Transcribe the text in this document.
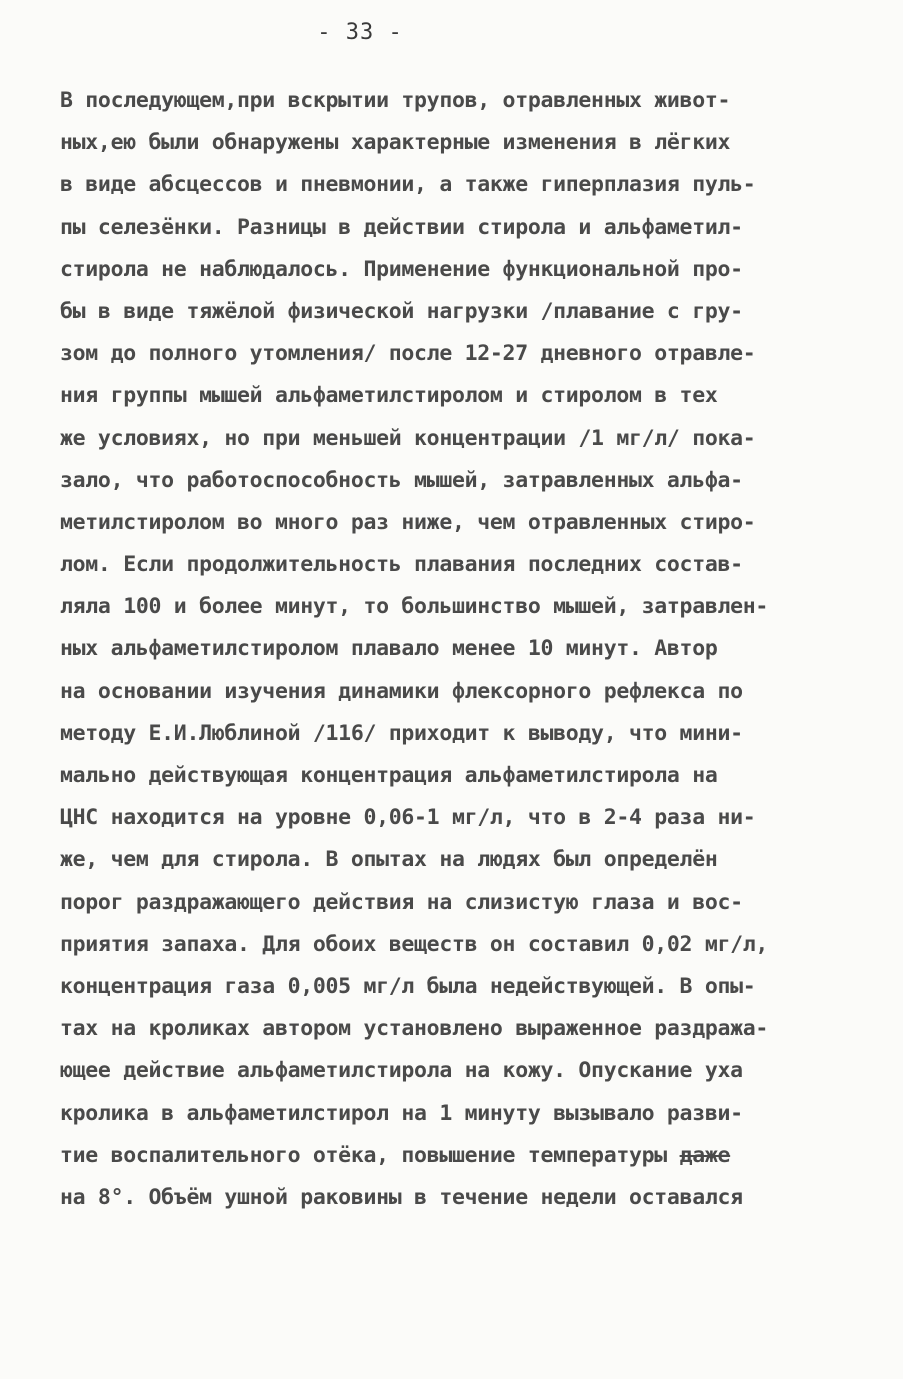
- 33 -
В последующем,при вскрытии трупов, отравленных живот-
ных,ею были обнаружены характерные изменения в лёгких
в виде абсцессов и пневмонии, а также гиперплазия пуль-
пы селезёнки. Разницы в действии стирола и альфаметил-
стирола не наблюдалось. Применение функциональной про-
бы в виде тяжёлой физической нагрузки /плавание с гру-
зом до полного утомления/ после 12-27 дневного отравле-
ния группы мышей альфаметилстиролом и стиролом в тех
же условиях, но при меньшей концентрации /1 мг/л/ пока-
зало, что работоспособность мышей, затравленных альфа-
метилстиролом во много раз ниже, чем отравленных стиро-
лом. Если продолжительность плавания последних состав-
ляла 100 и более минут, то большинство мышей, затравлен-
ных альфаметилстиролом плавало менее 10 минут. Автор
на основании изучения динамики флексорного рефлекса по
методу Е.И.Люблиной /116/ приходит к выводу, что мини-
мально действующая концентрация альфаметилстирола на
ЦНС находится на уровне 0,06-1 мг/л, что в 2-4 раза ни-
же, чем для стирола. В опытах на людях был определён
порог раздражающего действия на слизистую глаза и вос-
приятия запаха. Для обоих веществ он составил 0,02 мг/л,
концентрация газа 0,005 мг/л была недействующей. В опы-
тах на кроликах автором установлено выраженное раздража-
ющее действие альфаметилстирола на кожу. Опускание уха
кролика в альфаметилстирол на 1 минуту вызывало разви-
тие воспалительного отёка, повышение температуры даже
на 8°. Объём ушной раковины в течение недели оставался
